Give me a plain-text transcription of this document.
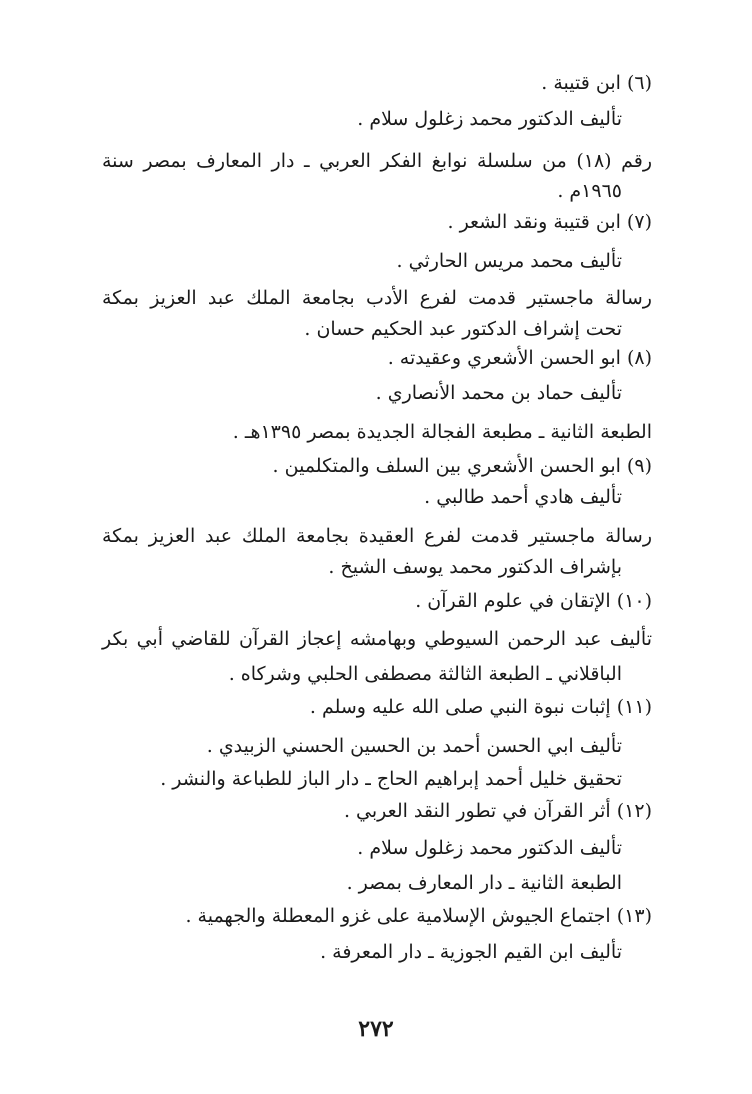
(٦) ابن قتيبة .
تأليف الدكتور محمد زغلول سلام .
رقم (١٨) من سلسلة نوابغ الفكر العربي ـ دار المعارف بمصر سنة
١٩٦٥م .
(٧) ابن قتيبة ونقد الشعر .
تأليف محمد مريس الحارثي .
رسالة ماجستير قدمت لفرع الأدب بجامعة الملك عبد العزيز بمكة
تحت إشراف الدكتور عبد الحكيم حسان .
(٨) ابو الحسن الأشعري وعقيدته .
تأليف حماد بن محمد الأنصاري .
الطبعة الثانية ـ مطبعة الفجالة الجديدة بمصر ١٣٩٥هـ .
(٩) ابو الحسن الأشعري بين السلف والمتكلمين .
تأليف هادي أحمد طالبي .
رسالة ماجستير قدمت لفرع العقيدة بجامعة الملك عبد العزيز بمكة
بإشراف الدكتور محمد يوسف الشيخ .
(١٠) الإتقان في علوم القرآن .
تأليف عبد الرحمن السيوطي وبهامشه إعجاز القرآن للقاضي أبي بكر
الباقلاني ـ الطبعة الثالثة مصطفى الحلبي وشركاه .
(١١) إثبات نبوة النبي صلى الله عليه وسلم .
تأليف ابي الحسن أحمد بن الحسين الحسني الزبيدي .
تحقيق خليل أحمد إبراهيم الحاج ـ دار الباز للطباعة والنشر .
(١٢) أثر القرآن في تطور النقد العربي .
تأليف الدكتور محمد زغلول سلام .
الطبعة الثانية ـ دار المعارف بمصر .
(١٣) اجتماع الجيوش الإسلامية على غزو المعطلة والجهمية .
تأليف ابن القيم الجوزية ـ دار المعرفة .
٢٧٢
